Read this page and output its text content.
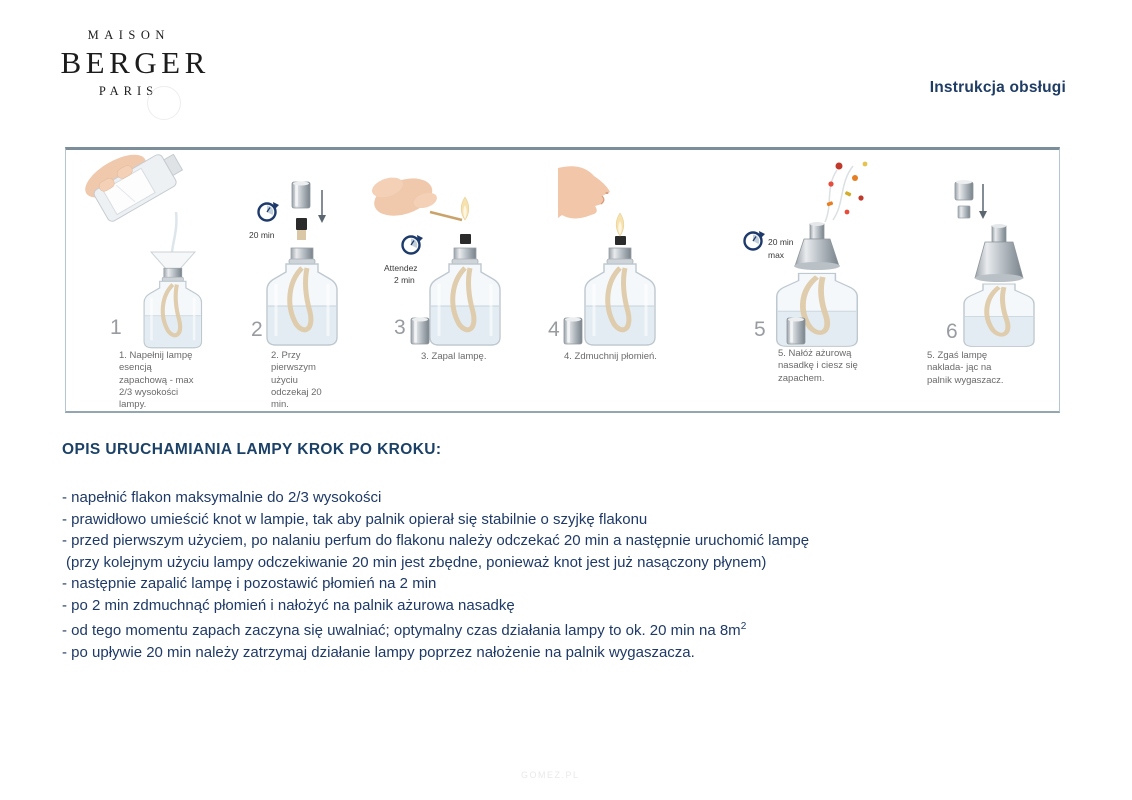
MAISON
BERGER
PARIS	Instrukcja obsługi
1
1. Napełnij lampę esencją zapachową - max 2/3 wysokości lampy.
20 min
2
2. Przy pierwszym użyciu odczekaj 20 min.
Attendez
2 min
3
3. Zapal lampę.
4
4. Zdmuchnij płomień.
20 min
max
5
5. Nałóż ażurową nasadkę i ciesz się zapachem.
6
5. Zgaś lampę naklada- jąc na palnik wygaszacz.
OPIS URUCHAMIANIA LAMPY KROK PO KROKU:
- napełnić flakon maksymalnie do 2/3 wysokości
- prawidłowo umieścić knot w lampie, tak aby palnik opierał się stabilnie o szyjkę flakonu
- przed pierwszym użyciem, po nalaniu perfum do flakonu należy odczekać 20 min a następnie uruchomić lampę
(przy kolejnym użyciu lampy odczekiwanie 20 min jest zbędne, ponieważ knot jest już nasączony płynem)
- następnie zapalić lampę i pozostawić płomień na 2 min
- po 2 min zdmuchnąć płomień i nałożyć na palnik ażurowa nasadkę
- od tego momentu zapach zaczyna się uwalniać; optymalny czas działania lampy to ok. 20 min na $8m^2$
- po upływie 20 min należy zatrzymaj działanie lampy poprzez nałożenie na palnik wygaszacza.
GOMEZ.PL
